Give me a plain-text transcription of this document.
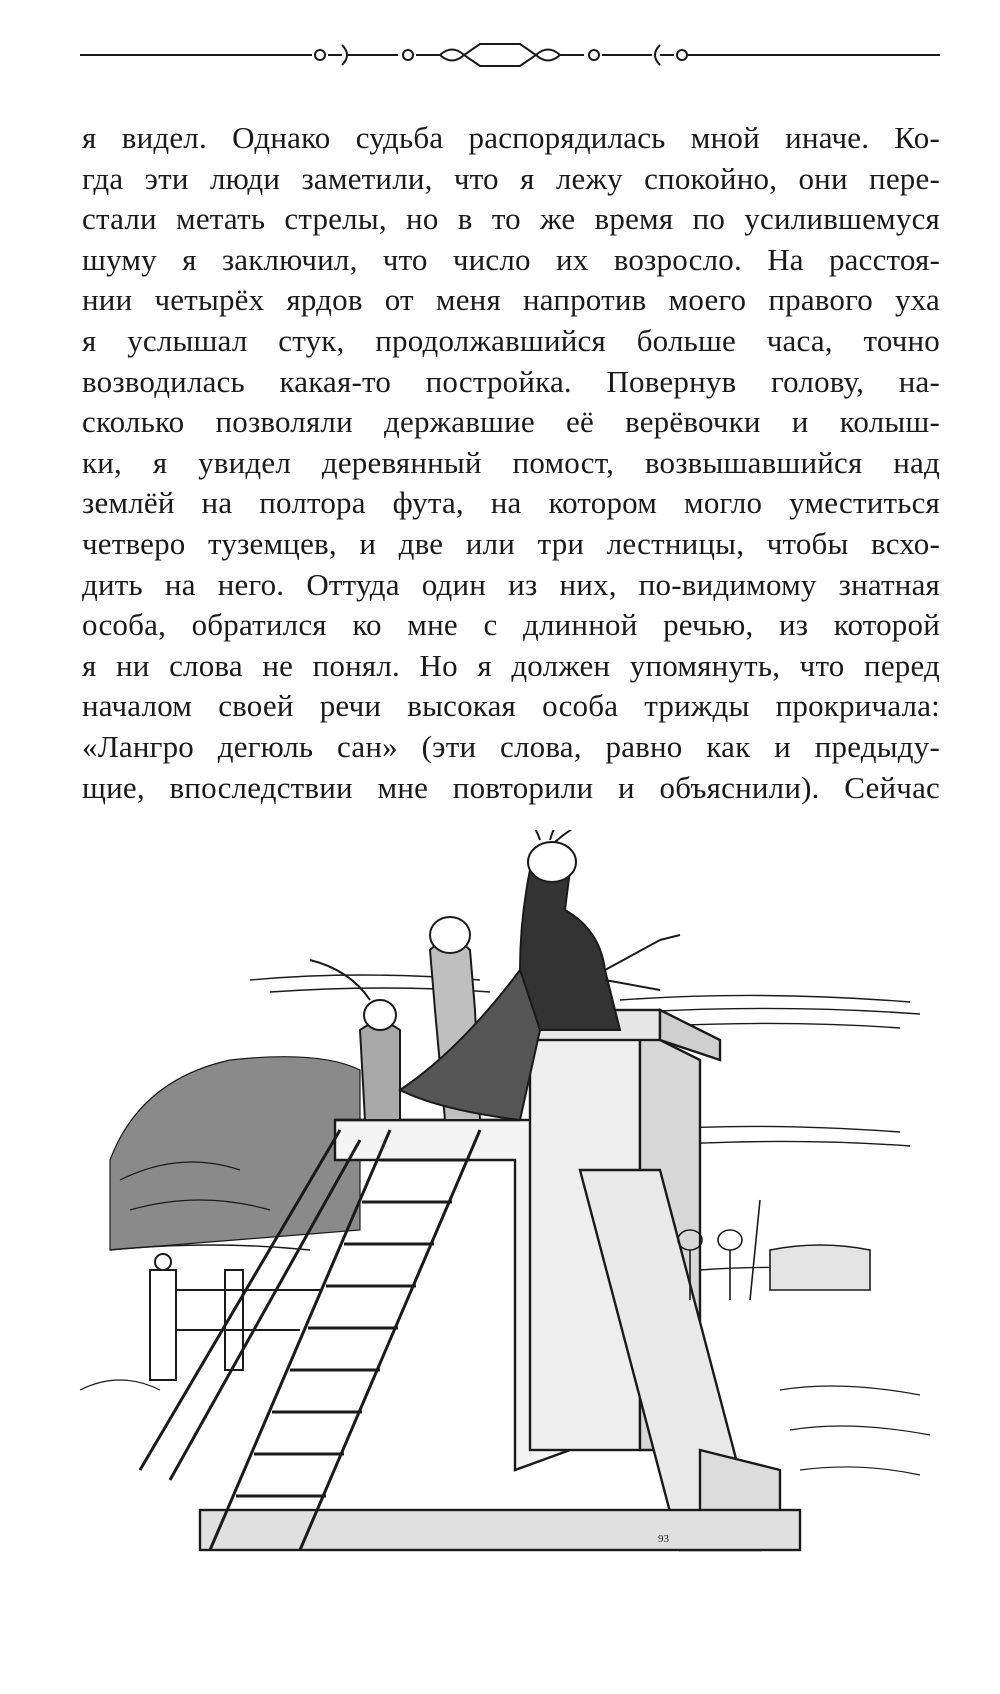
я видел. Однако судьба распорядилась мной иначе. Ко-
гда эти люди заметили, что я лежу спокойно, они пере-
стали метать стрелы, но в то же время по усилившемуся
шуму я заключил, что число их возросло. На расстоя-
нии четырёх ярдов от меня напротив моего правого уха
я услышал стук, продолжавшийся больше часа, точно
возводилась какая-то постройка. Повернув голову, на-
сколько позволяли державшие её верёвочки и колыш-
ки, я увидел деревянный помост, возвышавшийся над
землёй на полтора фута, на котором могло уместиться
четверо туземцев, и две или три лестницы, чтобы всхо-
дить на него. Оттуда один из них, по-видимому знатная
особа, обратился ко мне с длинной речью, из которой
я ни слова не понял. Но я должен упомянуть, что перед
началом своей речи высокая особа трижды прокричала:
«Лангро дегюль сан» (эти слова, равно как и предыду-
щие, впоследствии мне повторили и объяснили). Сейчас
93
